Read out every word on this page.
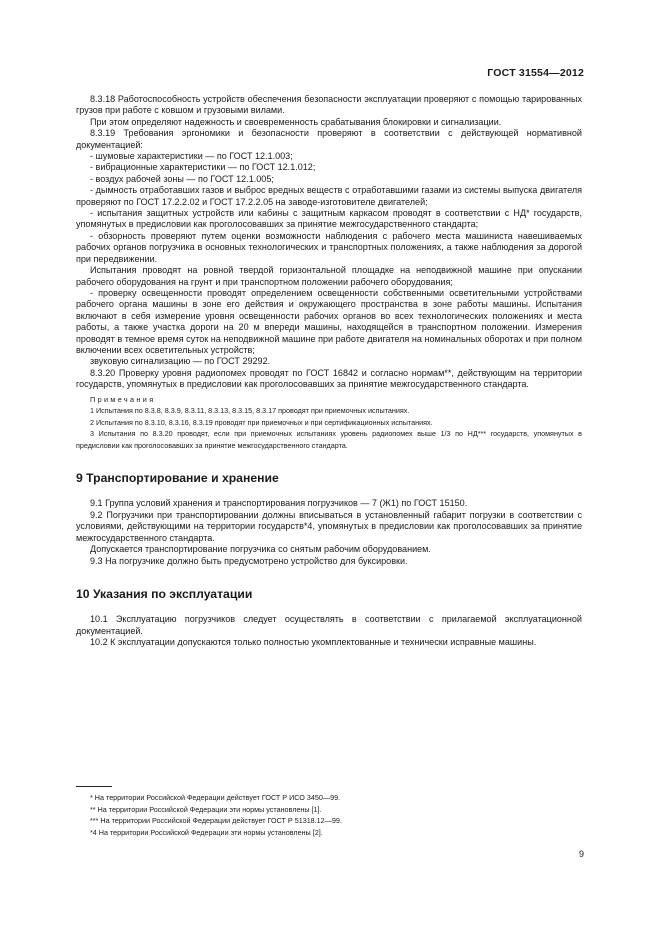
ГОСТ 31554—2012

8.3.18 Работоспособность устройств обеспечения безопасности эксплуатации проверяют с помощью тарированных грузов при работе с ковшом и грузовыми вилами.

При этом определяют надежность и своевременность срабатывания блокировки и сигнализации.

8.3.19 Требования эргономики и безопасности проверяют в соответствии с действующей нормативной документацией:

- шумовые характеристики — по ГОСТ 12.1.003;

- вибрационные характеристики — по ГОСТ 12.1.012;

- воздух рабочей зоны — по ГОСТ 12.1.005;

- дымность отработавших газов и выброс вредных веществ с отработавшими газами из системы выпуска двигателя проверяют по ГОСТ 17.2.2.02 и ГОСТ 17.2.2.05 на заводе-изготовителе двигателей;

- испытания защитных устройств или кабины с защитным каркасом проводят в соответствии с НД* государств, упомянутых в предисловии как проголосовавших за принятие межгосударственного стандарта;

- обзорность проверяют путем оценки возможности наблюдения с рабочего места машиниста навешиваемых рабочих органов погрузчика в основных технологических и транспортных положениях, а также наблюдения за дорогой при передвижении.

Испытания проводят на ровной твердой горизонтальной площадке на неподвижной машине при опускании рабочего оборудования на грунт и при транспортном положении рабочего оборудования;

- проверку освещенности проводят определением освещенности собственными осветительными устройствами рабочего органа машины в зоне его действия и окружающего пространства в зоне работы машины. Испытания включают в себя измерение уровня освещенности рабочих органов во всех технологических положениях и места работы, а также участка дороги на 20 м впереди машины, находящейся в транспортном положении. Измерения проводят в темное время суток на неподвижной машине при работе двигателя на номинальных оборотах и при полном включении всех осветительных устройств;

звуковую сигнализацию — по ГОСТ 29292.

8.3.20 Проверку уровня радиопомех проводят по ГОСТ 16842 и согласно нормам**, действующим на территории государств, упомянутых в предисловии как проголосовавших за принятие межгосударственного стандарта.

Примечания

1 Испытания по 8.3.8, 8.3.9, 8.3.11, 8.3.13, 8.3.15, 8.3.17 проводят при приемочных испытаниях.

2 Испытания по 8.3.10, 8.3.16, 8.3.19 проводят при приемочных и при сертификационных испытаниях.

3 Испытания по 8.3.20 проводят, если при приемочных испытаниях уровень радиопомех выше 1/3 по НД*** государств, упомянутых в предисловии как проголосовавших за принятие межгосударственного стандарта.

9 Транспортирование и хранение

9.1 Группа условий хранения и транспортирования погрузчиков — 7 (Ж1) по ГОСТ 15150.

9.2 Погрузчики при транспортировании должны вписываться в установленный габарит погрузки в соответствии с условиями, действующими на территории государств*4, упомянутых в предисловии как проголосовавших за принятие межгосударственного стандарта.

Допускается транспортирование погрузчика со снятым рабочим оборудованием.

9.3 На погрузчике должно быть предусмотрено устройство для буксировки.

10 Указания по эксплуатации

10.1 Эксплуатацию погрузчиков следует осуществлять в соответствии с прилагаемой эксплуатационной документацией.

10.2 К эксплуатации допускаются только полностью укомплектованные и технически исправные машины.

* На территории Российской Федерации действует ГОСТ Р ИСО 3450—99.

** На территории Российской Федерации эти нормы установлены [1].

*** На территории Российской Федерации действует ГОСТ Р 51318.12—99.

*4 На территории Российской Федерации эти нормы установлены [2].

9
